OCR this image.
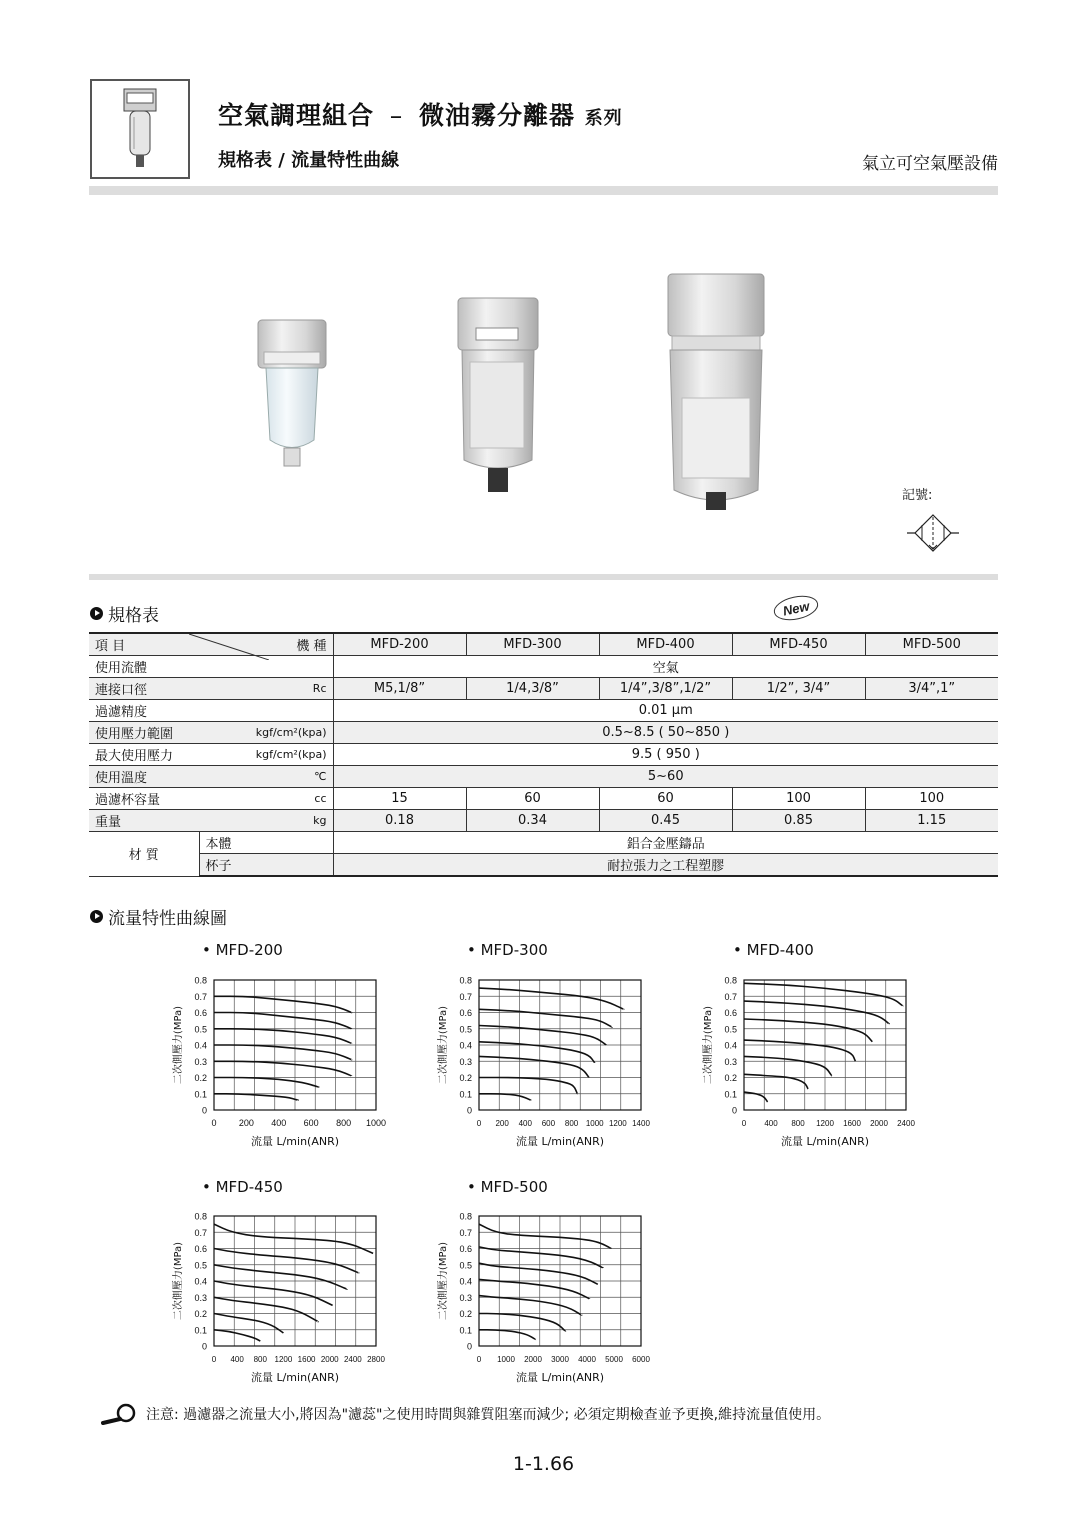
空氣調理組合 – 微油霧分離器 系列
規格表 / 流量特性曲線	氣立可空氣壓設備
記號:
規格表	New
項 目 機 種		MFD-200	MFD-300	MFD-400	MFD-450	MFD-500
使用流體		空氣				
連接口徑	Rc	M5,1/8”	1/4,3/8”	1/4”,3/8”,1/2”	1/2”, 3/4”	3/4”,1”
過濾精度		0.01 μm				
使用壓力範圍	kgf/cm²(kpa)	0.5~8.5 ( 50~850 )				
最大使用壓力	kgf/cm²(kpa)	9.5 ( 950 )				
使用溫度	℃	5~60				
過濾杯容量	cc	15	60	60	100	100
重量	kg	0.18	0.34	0.45	0.85	1.15
材 質	本體	鋁合金壓鑄品				
	杯子	耐拉張力之工程塑膠				
流量特性曲線圖
• MFD-200	• MFD-300	• MFD-400
• MFD-450	• MFD-500
0
0.1
0.2
0.3
0.4
0.5
0.6
0.7
0.8
0 200 400 600 800 1000
流量 L/min(ANR)
二次側壓力(MPa)
0
0.1
0.2
0.3
0.4
0.5
0.6
0.7
0.8
0 200 400 600 800 1000 1200 1400
流量 L/min(ANR)
二次側壓力(MPa)
0
0.1
0.2
0.3
0.4
0.5
0.6
0.7
0.8
0 400 800 1200 1600 2000 2400
流量 L/min(ANR)
二次側壓力(MPa)
0
0.1
0.2
0.3
0.4
0.5
0.6
0.7
0.8
0 400 800 1200 1600 2000 2400 2800
流量 L/min(ANR)
二次側壓力(MPa)
0
0.1
0.2
0.3
0.4
0.5
0.6
0.7
0.8
0 1000 2000 3000 4000 5000 6000
流量 L/min(ANR)
二次側壓力(MPa)
注意: 過濾器之流量大小,將因為"濾蕊"之使用時間與雜質阻塞而減少; 必須定期檢查並予更換,維持流量值使用。
1-1.66
